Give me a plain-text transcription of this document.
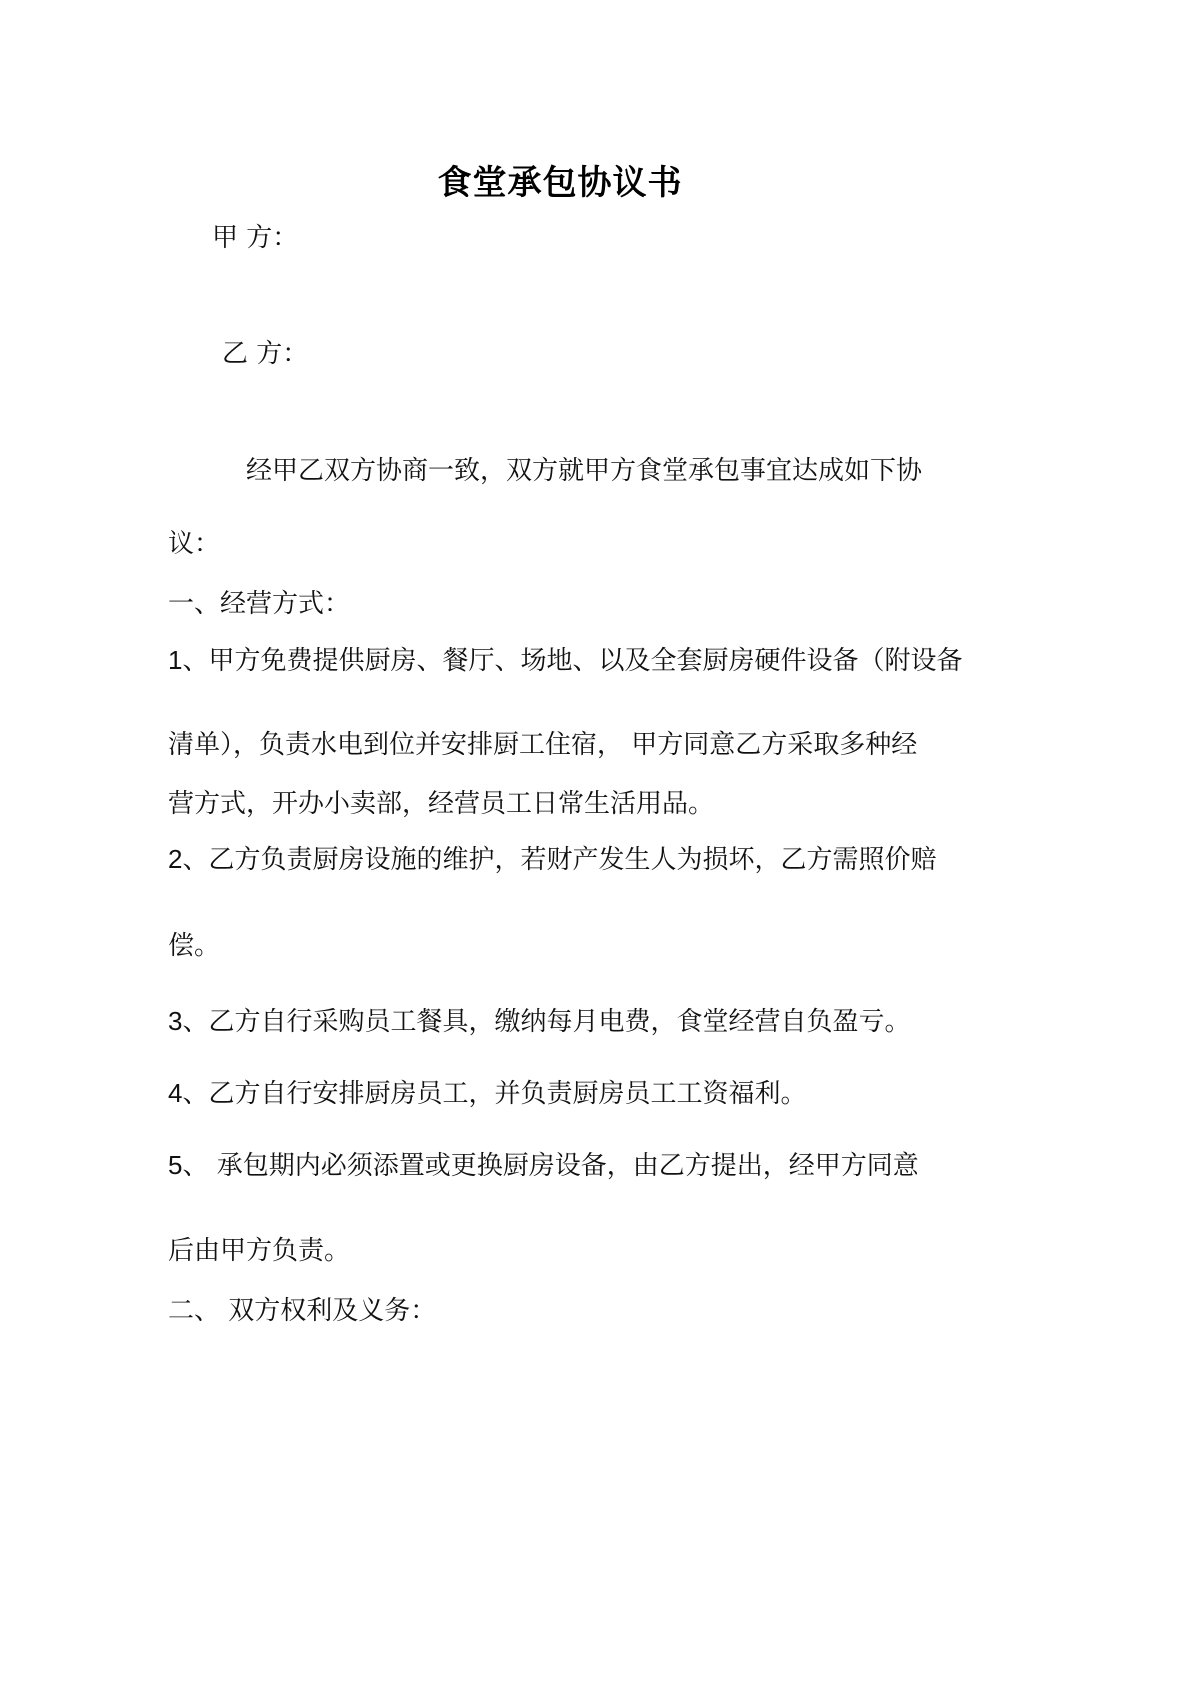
食堂承包协议书
甲 方：
乙 方：
经甲乙双方协商一致，双方就甲方食堂承包事宜达成如下协
议：
一、经营方式：
1、甲方免费提供厨房、餐厅、场地、以及全套厨房硬件设备（附设备
清单），负责水电到位并安排厨工住宿， 甲方同意乙方采取多种经
营方式，开办小卖部，经营员工日常生活用品。
2、乙方负责厨房设施的维护，若财产发生人为损坏，乙方需照价赔
偿。
3、乙方自行采购员工餐具，缴纳每月电费，食堂经营自负盈亏。
4、乙方自行安排厨房员工，并负责厨房员工工资福利。
5、 承包期内必须添置或更换厨房设备，由乙方提出，经甲方同意
后由甲方负责。
二、 双方权利及义务：
